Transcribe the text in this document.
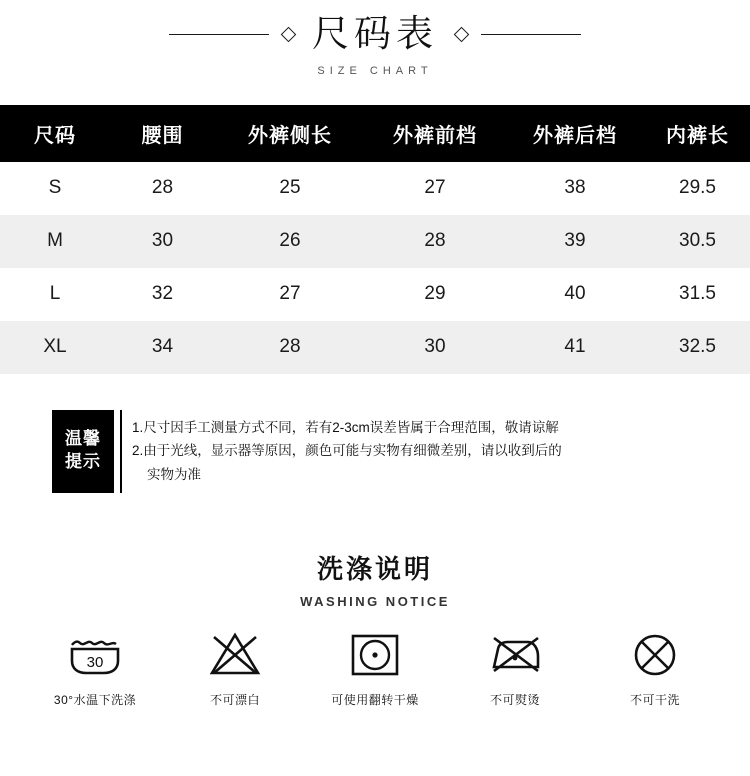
尺码表
SIZE CHART
尺码	腰围	外裤侧长	外裤前档	外裤后档	内裤长
S	28	25	27	38	29.5
M	30	26	28	39	30.5
L	32	27	29	40	31.5
XL	34	28	30	41	32.5
温馨
提示
1.尺寸因手工测量方式不同，若有2-3cm误差皆属于合理范围，敬请谅解
2.由于光线，显示器等原因，颜色可能与实物有细微差别，请以收到后的
实物为准
洗涤说明
WASHING NOTICE
30
30°水温下洗涤	不可漂白	可使用翻转干燥	不可熨烫	不可干洗
